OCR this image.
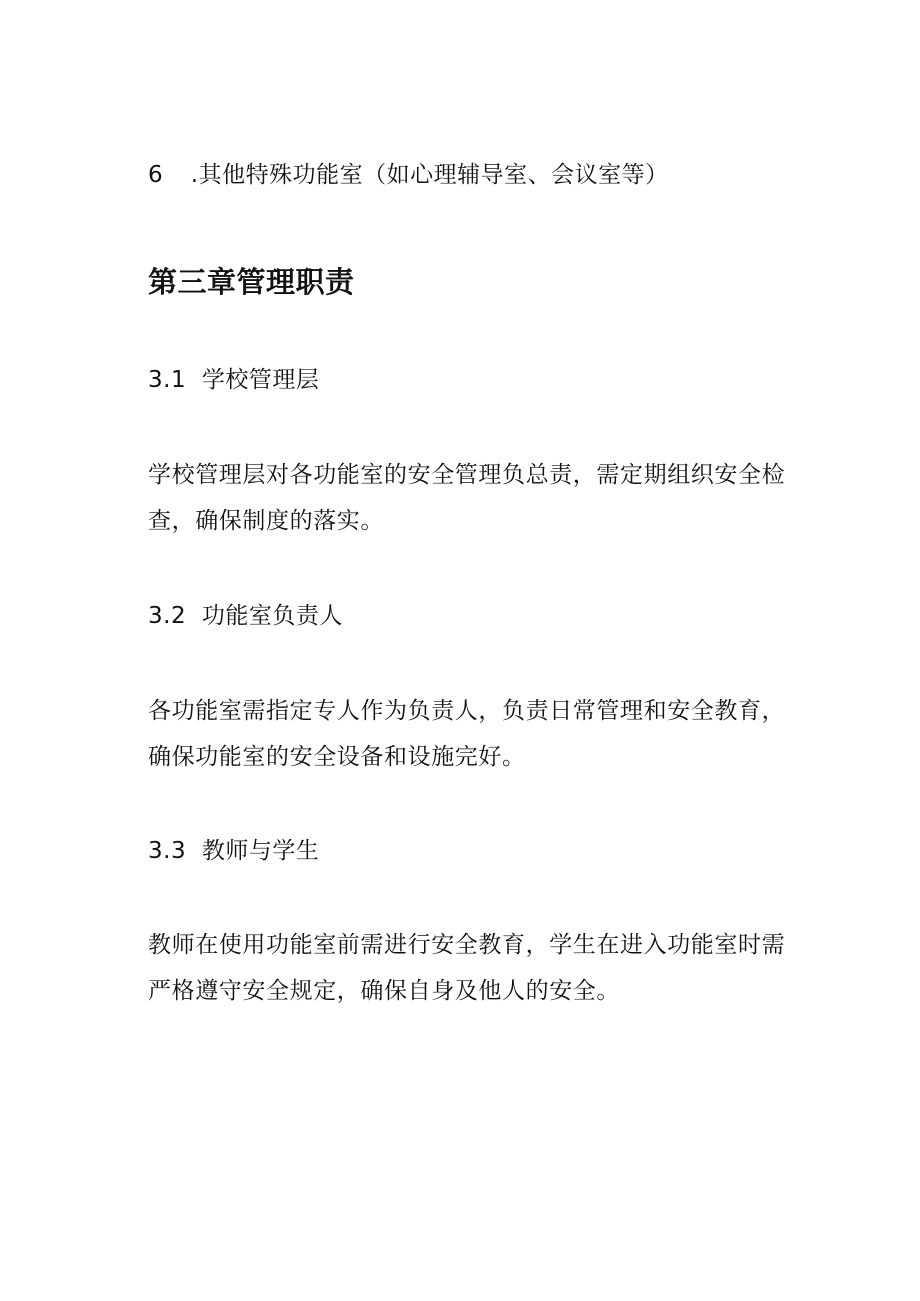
6 .其他特殊功能室（如心理辅导室、会议室等）
第三章管理职责
3.1 学校管理层
学校管理层对各功能室的安全管理负总责，需定期组织安全检查，确保制度的落实。
3.2 功能室负责人
各功能室需指定专人作为负责人，负责日常管理和安全教育，确保功能室的安全设备和设施完好。
3.3 教师与学生
教师在使用功能室前需进行安全教育，学生在进入功能室时需严格遵守安全规定，确保自身及他人的安全。
